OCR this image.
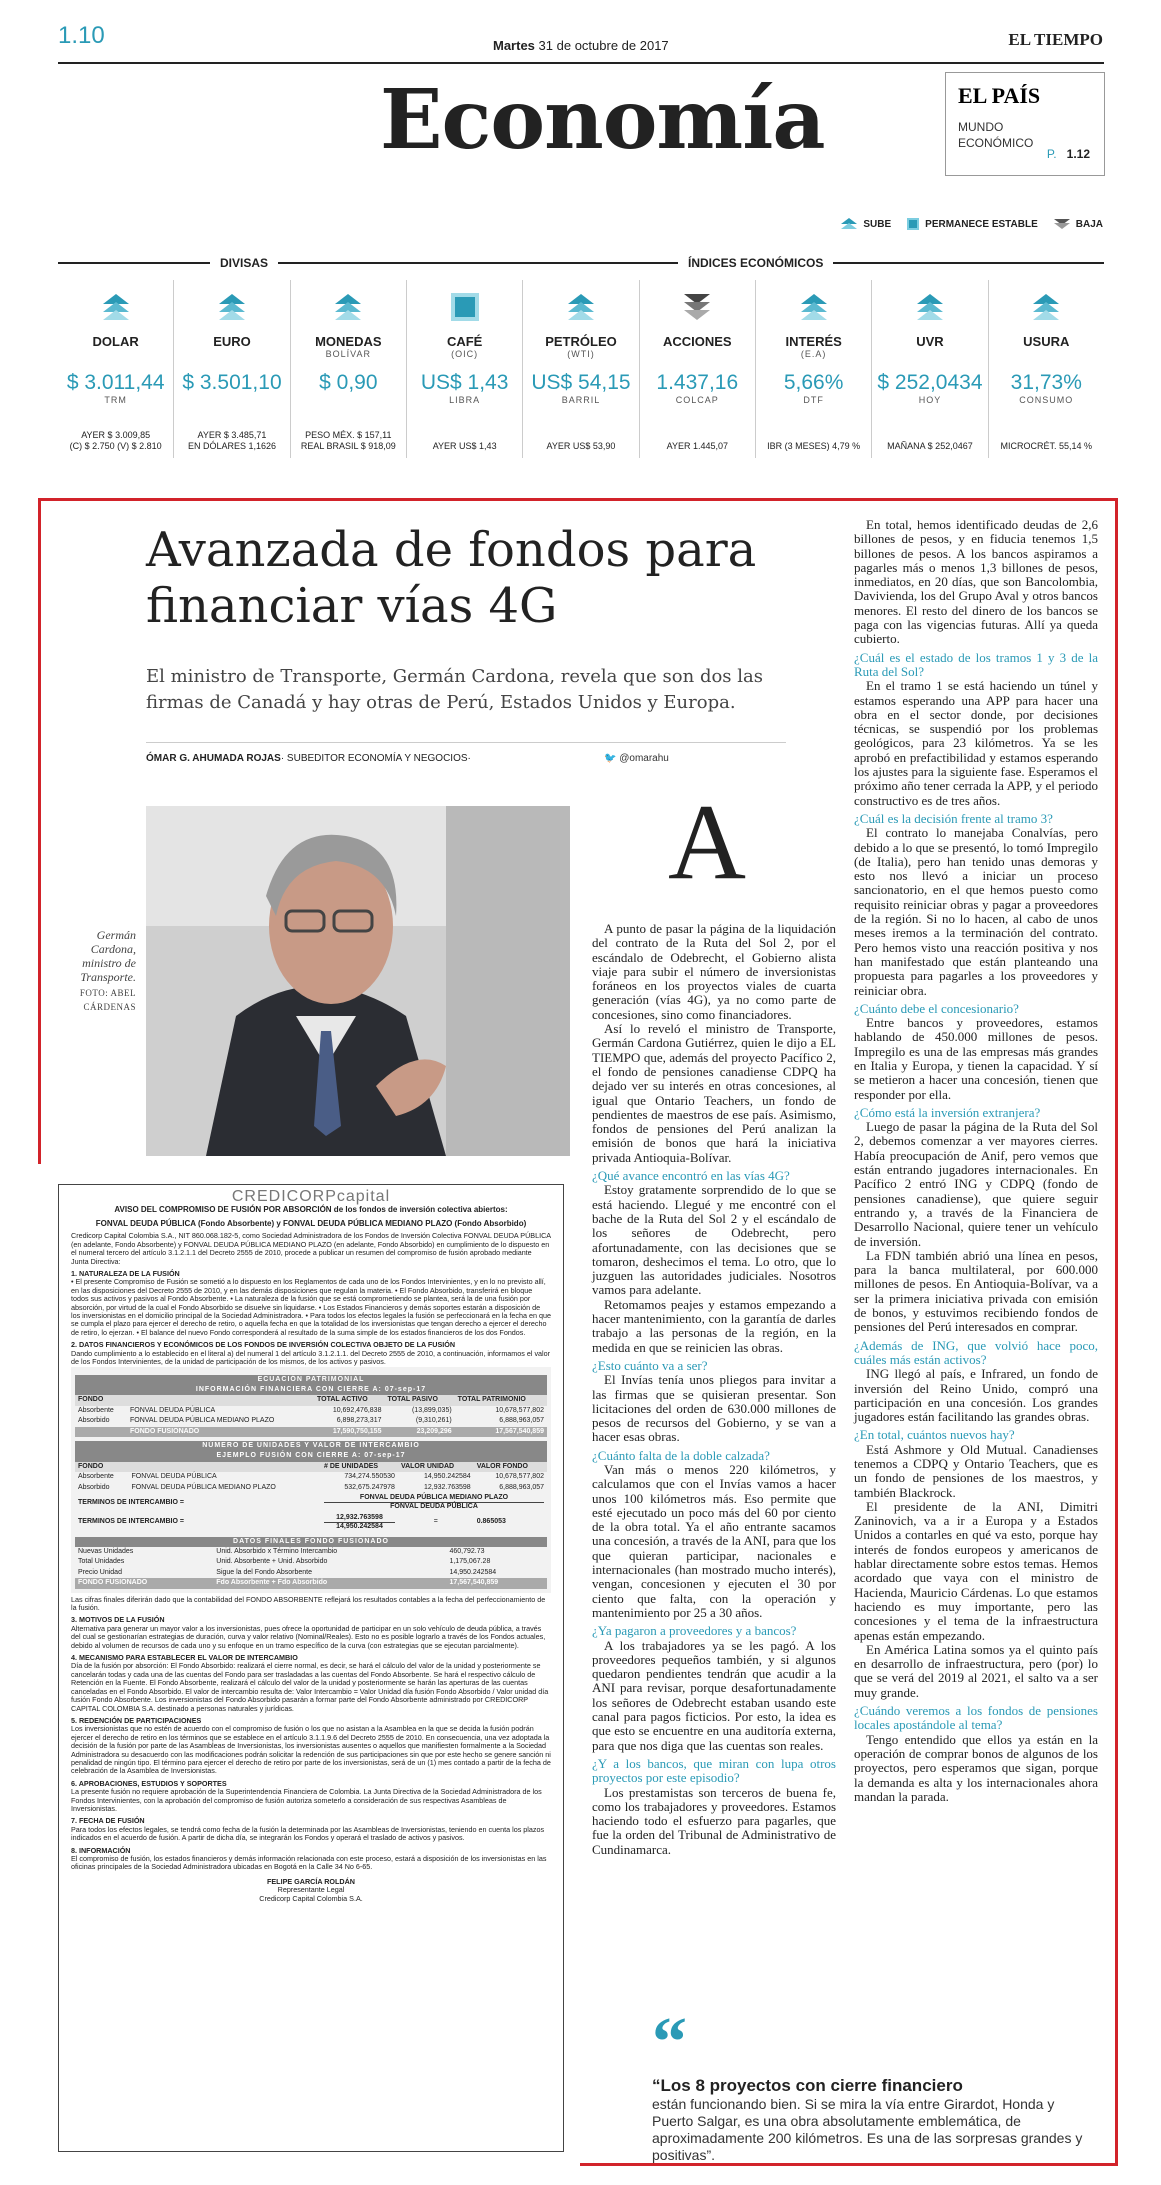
1.10	Martes 31 de octubre de 2017	EL TIEMPO
Economía	EL PAÍS
MUNDO
ECONÓMICO
P. 1.12
SUBE	PERMANECE ESTABLE	BAJA
DIVISAS	ÍNDICES ECONÓMICOS
DOLAR
$ 3.011,44
TRM
AYER $ 3.009,85
(C) $ 2.750 (V) $ 2.810
EURO
$ 3.501,10
AYER $ 3.485,71
EN DÓLARES 1,1626
MONEDAS
BOLÍVAR
$ 0,90
PESO MÉX. $ 157,11
REAL BRASIL $ 918,09
CAFÉ
(OIC)
US$ 1,43
LIBRA
AYER US$ 1,43
PETRÓLEO
(WTI)
US$ 54,15
BARRIL
AYER US$ 53,90
ACCIONES
1.437,16
COLCAP
AYER 1.445,07
INTERÉS
(E.A)
5,66%
DTF
IBR (3 MESES) 4,79 %
UVR
$ 252,0434
HOY
MAÑANA $ 252,0467
USURA
31,73%
CONSUMO
MICROCRÉT. 55,14 %
Avanzada de fondos para financiar vías 4G

El ministro de Transporte, Germán Cardona, revela que son dos las firmas de Canadá y hay otras de Perú, Estados Unidos y Europa.

ÓMAR G. AHUMADA ROJAS· SUBEDITOR ECONOMÍA Y NEGOCIOS·	🐦 @omarahu
Germán Cardona, ministro de Transporte.
FOTO: ABEL CÁRDENAS
A

A punto de pasar la página de la liquidación del contrato de la Ruta del Sol 2, por el escándalo de Odebrecht, el Gobierno alista viaje para subir el número de inversionistas foráneos en los proyectos viales de cuarta generación (vías 4G), ya no como parte de concesiones, sino como financiadores.

Así lo reveló el ministro de Transporte, Germán Cardona Gutiérrez, quien le dijo a EL TIEMPO que, además del proyecto Pacífico 2, el fondo de pensiones canadiense CDPQ ha dejado ver su interés en otras concesiones, al igual que Ontario Teachers, un fondo de pendientes de maestros de ese país. Asimismo, fondos de pensiones del Perú analizan la emisión de bonos que hará la iniciativa privada Antioquia-Bolívar.

¿Qué avance encontró en las vías 4G?

Estoy gratamente sorprendido de lo que se está haciendo. Llegué y me encontré con el bache de la Ruta del Sol 2 y el escándalo de los señores de Odebrecht, pero afortunadamente, con las decisiones que se tomaron, deshecimos el tema. Lo otro, que lo juzguen las autoridades judiciales. Nosotros vamos para adelante.

Retomamos peajes y estamos empezando a hacer mantenimiento, con la garantía de darles trabajo a las personas de la región, en la medida en que se reinicien las obras.

¿Esto cuánto va a ser?

El Invías tenía unos pliegos para invitar a las firmas que se quisieran presentar. Son licitaciones del orden de 630.000 millones de pesos de recursos del Gobierno, y se van a hacer esas obras.

¿Cuánto falta de la doble calzada?

Van más o menos 220 kilómetros, y calculamos que con el Invías vamos a hacer unos 100 kilómetros más. Eso permite que esté ejecutado un poco más del 60 por ciento de la obra total. Ya el año entrante sacamos una concesión, a través de la ANI, para que los que quieran participar, nacionales e internacionales (han mostrado mucho interés), vengan, concesionen y ejecuten el 30 por ciento que falta, con la operación y mantenimiento por 25 a 30 años.

¿Ya pagaron a proveedores y a bancos?

A los trabajadores ya se les pagó. A los proveedores pequeños también, y si algunos quedaron pendientes tendrán que acudir a la ANI para revisar, porque desafortunadamente los señores de Odebrecht estaban usando este canal para pagos ficticios. Por esto, la idea es que esto se encuentre en una auditoría externa, para que nos diga que las cuentas son reales.

¿Y a los bancos, que miran con lupa otros proyectos por este episodio?

Los prestamistas son terceros de buena fe, como los trabajadores y proveedores. Estamos haciendo todo el esfuerzo para pagarles, que fue la orden del Tribunal de Administrativo de Cundinamarca.

En total, hemos identificado deudas de 2,6 billones de pesos, y en fiducia tenemos 1,5 billones de pesos. A los bancos aspiramos a pagarles más o menos 1,3 billones de pesos, inmediatos, en 20 días, que son Bancolombia, Davivienda, los del Grupo Aval y otros bancos menores. El resto del dinero de los bancos se paga con las vigencias futuras. Allí ya queda cubierto.

¿Cuál es el estado de los tramos 1 y 3 de la Ruta del Sol?

En el tramo 1 se está haciendo un túnel y estamos esperando una APP para hacer una obra en el sector donde, por decisiones técnicas, se suspendió por los problemas geológicos, para 23 kilómetros. Ya se les aprobó en prefactibilidad y estamos esperando los ajustes para la siguiente fase. Esperamos el próximo año tener cerrada la APP, y el periodo constructivo es de tres años.

¿Cuál es la decisión frente al tramo 3?

El contrato lo manejaba Conalvías, pero debido a lo que se presentó, lo tomó Impregilo (de Italia), pero han tenido unas demoras y esto nos llevó a iniciar un proceso sancionatorio, en el que hemos puesto como requisito reiniciar obras y pagar a proveedores de la región. Si no lo hacen, al cabo de unos meses iremos a la terminación del contrato. Pero hemos visto una reacción positiva y nos han manifestado que están planteando una propuesta para pagarles a los proveedores y reiniciar obra.

¿Cuánto debe el concesionario?

Entre bancos y proveedores, estamos hablando de 450.000 millones de pesos. Impregilo es una de las empresas más grandes en Italia y Europa, y tienen la capacidad. Y sí se metieron a hacer una concesión, tienen que responder por ella.

¿Cómo está la inversión extranjera?

Luego de pasar la página de la Ruta del Sol 2, debemos comenzar a ver mayores cierres. Había preocupación de Anif, pero vemos que están entrando jugadores internacionales. En Pacífico 2 entró ING y CDPQ (fondo de pensiones canadiense), que quiere seguir entrando y, a través de la Financiera de Desarrollo Nacional, quiere tener un vehículo de inversión.

La FDN también abrió una línea en pesos, para la banca multilateral, por 600.000 millones de pesos. En Antioquia-Bolívar, va a ser la primera iniciativa privada con emisión de bonos, y estuvimos recibiendo fondos de pensiones del Perú interesados en comprar.

¿Además de ING, que volvió hace poco, cuáles más están activos?

ING llegó al país, e Infrared, un fondo de inversión del Reino Unido, compró una participación en una concesión. Los grandes jugadores están facilitando las grandes obras.

¿En total, cuántos nuevos hay?

Está Ashmore y Old Mutual. Canadienses tenemos a CDPQ y Ontario Teachers, que es un fondo de pensiones de los maestros, y también Blackrock.

El presidente de la ANI, Dimitri Zaninovich, va a ir a Europa y a Estados Unidos a contarles en qué va esto, porque hay interés de fondos europeos y americanos de hablar directamente sobre estos temas. Hemos acordado que vaya con el ministro de Hacienda, Mauricio Cárdenas. Lo que estamos haciendo es muy importante, pero las concesiones y el tema de la infraestructura apenas están empezando.

En América Latina somos ya el quinto país en desarrollo de infraestructura, pero (por) lo que se verá del 2019 al 2021, el salto va a ser muy grande.

¿Cuándo veremos a los fondos de pensiones locales apostándole al tema?

Tengo entendido que ellos ya están en la operación de comprar bonos de algunos de los proyectos, pero esperamos que sigan, porque la demanda es alta y los internacionales ahora mandan la parada.

“
“Los 8 proyectos con cierre financiero
están funcionando bien. Si se mira la vía entre Girardot, Honda y Puerto Salgar, es una obra absolutamente emblemática, de aproximadamente 200 kilómetros. Es una de las sorpresas grandes y positivas”.
CREDICORPcapital
AVISO DEL COMPROMISO DE FUSIÓN POR ABSORCIÓN de los fondos de inversión colectiva abiertos:
FONVAL DEUDA PÚBLICA (Fondo Absorbente) y FONVAL DEUDA PÚBLICA MEDIANO PLAZO (Fondo Absorbido)
Credicorp Capital Colombia S.A., NIT 860.068.182-5, como Sociedad Administradora de los Fondos de Inversión Colectiva FONVAL DEUDA PÚBLICA (en adelante, Fondo Absorbente) y FONVAL DEUDA PÚBLICA MEDIANO PLAZO (en adelante, Fondo Absorbido) en cumplimiento de lo dispuesto en el numeral tercero del artículo 3.1.2.1.1 del Decreto 2555 de 2010, procede a publicar un resumen del compromiso de fusión aprobado mediante Junta Directiva:
1. NATURALEZA DE LA FUSIÓN
• El presente Compromiso de Fusión se sometió a lo dispuesto en los Reglamentos de cada uno de los Fondos Intervinientes, y en lo no previsto allí, en las disposiciones del Decreto 2555 de 2010, y en las demás disposiciones que regulan la materia. • El Fondo Absorbido, transferirá en bloque todos sus activos y pasivos al Fondo Absorbente. • La naturaleza de la fusión que se está comprometiendo se plantea, será la de una fusión por absorción, por virtud de la cual el Fondo Absorbido se disuelve sin liquidarse. • Los Estados Financieros y demás soportes estarán a disposición de los inversionistas en el domicilio principal de la Sociedad Administradora. • Para todos los efectos legales la fusión se perfeccionará en la fecha en que se cumpla el plazo para ejercer el derecho de retiro, o aquella fecha en que la totalidad de los inversionistas que tengan derecho a ejercer el derecho de retiro, lo ejerzan. • El balance del nuevo Fondo corresponderá al resultado de la suma simple de los estados financieros de los dos Fondos.
2. DATOS FINANCIEROS Y ECONÓMICOS DE LOS FONDOS DE INVERSIÓN COLECTIVA OBJETO DE LA FUSIÓN
Dando cumplimiento a lo establecido en el literal a) del numeral 1 del artículo 3.1.2.1.1. del Decreto 2555 de 2010, a continuación, informamos el valor de los Fondos Intervinientes, de la unidad de participación de los mismos, de los activos y pasivos.
ECUACIÓN PATRIMONIAL				
INFORMACIÓN FINANCIERA CON CIERRE A: 07-sep-17				
FONDO		TOTAL ACTIVO	TOTAL PASIVO	TOTAL PATRIMONIO
Absorbente	FONVAL DEUDA PÚBLICA	10,692,476,838	(13,899,035)	10,678,577,802
Absorbido	FONVAL DEUDA PÚBLICA MEDIANO PLAZO	6,898,273,317	(9,310,261)	6,888,963,057
	FONDO FUSIONADO	17,590,750,155	23,209,296	17,567,540,859
NÚMERO DE UNIDADES Y VALOR DE INTERCAMBIO				
EJEMPLO FUSIÓN CON CIERRE A: 07-sep-17				
FONDO		# DE UNIDADES	VALOR UNIDAD	VALOR FONDO
Absorbente	FONVAL DEUDA PÚBLICA	734,274.550530	14,950.242584	10,678,577,802
Absorbido	FONVAL DEUDA PÚBLICA MEDIANO PLAZO	532,675.247978	12,932.763598	6,888,963,057
TERMINOS DE INTERCAMBIO =		FONVAL DEUDA PÚBLICA MEDIANO PLAZO
FONVAL DEUDA PÚBLICA		

TERMINOS DE INTERCAMBIO =		12,932.763598
14,950.242584	=	0.865053
DATOS FINALES FONDO FUSIONADO		
Nuevas Unidades	Unid. Absorbido x Término Intercambio	460,792.73
Total Unidades	Unid. Absorbente + Unid. Absorbido	1,175,067.28
Precio Unidad	Sigue la del Fondo Absorbente	14,950.242584
FONDO FUSIONADO	Fdo Absorbente + Fdo Absorbido	17,567,540,859
Las cifras finales diferirán dado que la contabilidad del FONDO ABSORBENTE reflejará los resultados contables a la fecha del perfeccionamiento de la fusión.
3. MOTIVOS DE LA FUSIÓN
Alternativa para generar un mayor valor a los inversionistas, pues ofrece la oportunidad de participar en un solo vehículo de deuda pública, a través del cual se gestionarían estrategias de duración, curva y valor relativo (Nominal/Reales). Esto no es posible lograrlo a través de los Fondos actuales, debido al volumen de recursos de cada uno y su enfoque en un tramo específico de la curva (con estrategias que se ejecutan parcialmente).
4. MECANISMO PARA ESTABLECER EL VALOR DE INTERCAMBIO
Día de la fusión por absorción: El Fondo Absorbido: realizará el cierre normal, es decir, se hará el cálculo del valor de la unidad y posteriormente se cancelarán todas y cada una de las cuentas del Fondo para ser trasladadas a las cuentas del Fondo Absorbente. Se hará el respectivo cálculo de Retención en la Fuente. El Fondo Absorbente, realizará el cálculo del valor de la unidad y posteriormente se harán las aperturas de las cuentas canceladas en el Fondo Absorbido. El valor de intercambio resulta de: Valor Intercambio = Valor Unidad día fusión Fondo Absorbido / Valor unidad día fusión Fondo Absorbente. Los inversionistas del Fondo Absorbido pasarán a formar parte del Fondo Absorbente administrado por CREDICORP CAPITAL COLOMBIA S.A. destinado a personas naturales y jurídicas.
5. REDENCIÓN DE PARTICIPACIONES
Los inversionistas que no estén de acuerdo con el compromiso de fusión o los que no asistan a la Asamblea en la que se decida la fusión podrán ejercer el derecho de retiro en los términos que se establece en el artículo 3.1.1.9.6 del Decreto 2555 de 2010. En consecuencia, una vez adoptada la decisión de la fusión por parte de las Asambleas de Inversionistas, los inversionistas ausentes o aquellos que manifiesten formalmente a la Sociedad Administradora su desacuerdo con las modificaciones podrán solicitar la redención de sus participaciones sin que por este hecho se genere sanción ni penalidad de ningún tipo. El término para ejercer el derecho de retiro por parte de los inversionistas, será de un (1) mes contado a partir de la fecha de celebración de la Asamblea de Inversionistas.
6. APROBACIONES, ESTUDIOS Y SOPORTES
La presente fusión no requiere aprobación de la Superintendencia Financiera de Colombia. La Junta Directiva de la Sociedad Administradora de los Fondos Intervinientes, con la aprobación del compromiso de fusión autoriza someterlo a consideración de sus respectivas Asambleas de Inversionistas.
7. FECHA DE FUSIÓN
Para todos los efectos legales, se tendrá como fecha de la fusión la determinada por las Asambleas de Inversionistas, teniendo en cuenta los plazos indicados en el acuerdo de fusión. A partir de dicha día, se integrarán los Fondos y operará el traslado de activos y pasivos.
8. INFORMACIÓN
El compromiso de fusión, los estados financieros y demás información relacionada con este proceso, estará a disposición de los inversionistas en las oficinas principales de la Sociedad Administradora ubicadas en Bogotá en la Calle 34 No 6-65.
FELIPE GARCÍA ROLDÁN
Representante Legal
Credicorp Capital Colombia S.A.
